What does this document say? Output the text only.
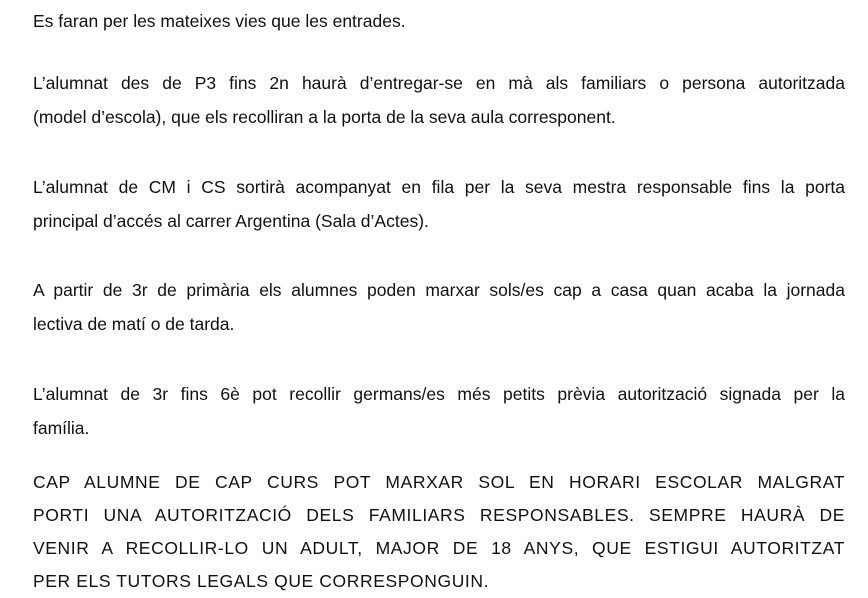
Es faran per les mateixes vies que les entrades.

L’alumnat des de P3 fins 2n haurà d’entregar-se en mà als familiars o persona autoritzada
(model d’escola), que els recolliran a la porta de la seva aula corresponent.

L’alumnat de CM i CS sortirà acompanyat en fila per la seva mestra responsable fins la porta
principal d’accés al carrer Argentina (Sala d’Actes).

A partir de 3r de primària els alumnes poden marxar sols/es cap a casa quan acaba la jornada
lectiva de matí o de tarda.

L’alumnat de 3r fins 6è pot recollir germans/es més petits prèvia autorització signada per la
família.

CAP ALUMNE DE CAP CURS POT MARXAR SOL EN HORARI ESCOLAR MALGRAT
PORTI UNA AUTORITZACIÓ DELS FAMILIARS RESPONSABLES. SEMPRE HAURÀ DE
VENIR A RECOLLIR-LO UN ADULT, MAJOR DE 18 ANYS, QUE ESTIGUI AUTORITZAT
PER ELS TUTORS LEGALS QUE CORRESPONGUIN.
